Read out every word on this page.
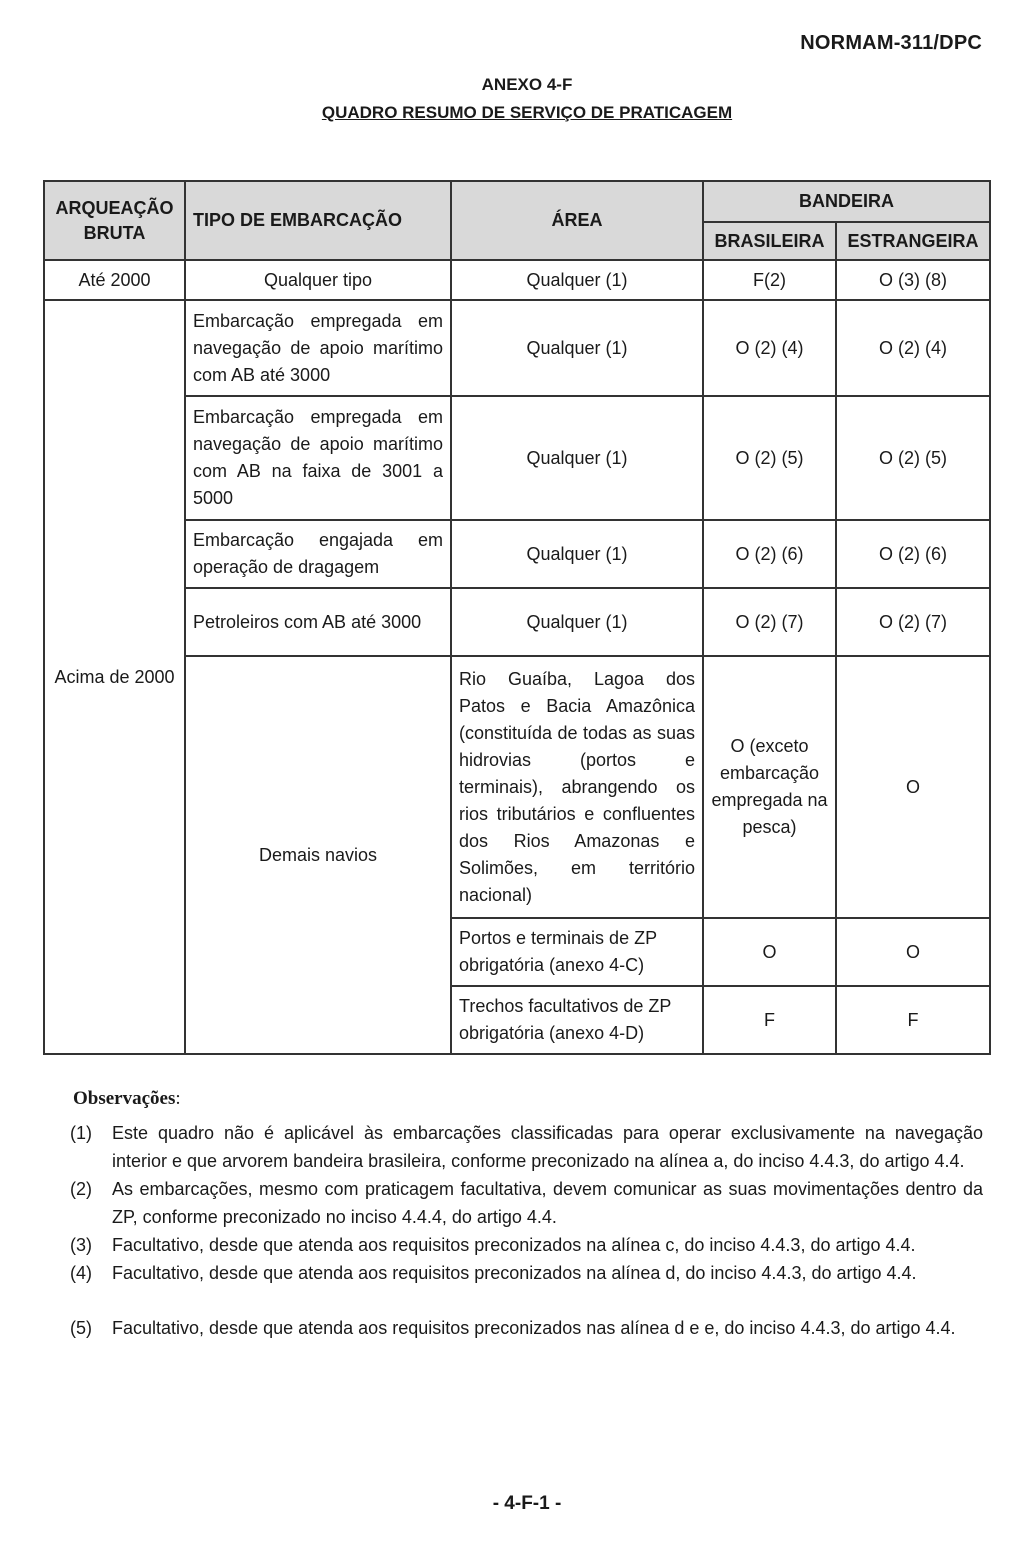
NORMAM-311/DPC
ANEXO 4-F
QUADRO RESUMO DE SERVIÇO DE PRATICAGEM
ARQUEAÇÃO BRUTA	TIPO DE EMBARCAÇÃO	ÁREA	BANDEIRA	
			BRASILEIRA	ESTRANGEIRA
Até 2000	Qualquer tipo	Qualquer (1)	F(2)	O (3) (8)
Acima de 2000	Embarcação empregada em navegação de apoio marítimo com AB até 3000	Qualquer (1)	O (2) (4)	O (2) (4)
	Embarcação empregada em navegação de apoio marítimo com AB na faixa de 3001 a 5000	Qualquer (1)	O (2) (5)	O (2) (5)
	Embarcação engajada em operação de dragagem	Qualquer (1)	O (2) (6)	O (2) (6)
	Petroleiros com AB até 3000	Qualquer (1)	O (2) (7)	O (2) (7)
	Demais navios	Rio Guaíba, Lagoa dos Patos e Bacia Amazônica (constituída de todas as suas hidrovias (portos e terminais), abrangendo os rios tributários e confluentes dos Rios Amazonas e Solimões, em território nacional)	O (exceto embarcação empregada na pesca)	O
		Portos e terminais de ZP obrigatória (anexo 4-C)	O	O
		Trechos facultativos de ZP obrigatória (anexo 4-D)	F	F
Observações:
(1)	Este quadro não é aplicável às embarcações classificadas para operar exclusivamente na navegação interior e que arvorem bandeira brasileira, conforme preconizado na alínea a, do inciso 4.4.3, do artigo 4.4.
(2)	As embarcações, mesmo com praticagem facultativa, devem comunicar as suas movimentações dentro da ZP, conforme preconizado no inciso 4.4.4, do artigo 4.4.
(3)	Facultativo, desde que atenda aos requisitos preconizados na alínea c, do inciso 4.4.3, do artigo 4.4.
(4)	Facultativo, desde que atenda aos requisitos preconizados na alínea d, do inciso 4.4.3, do artigo 4.4.
(5)	Facultativo, desde que atenda aos requisitos preconizados nas alínea d e e, do inciso 4.4.3, do artigo 4.4.
- 4-F-1 -
